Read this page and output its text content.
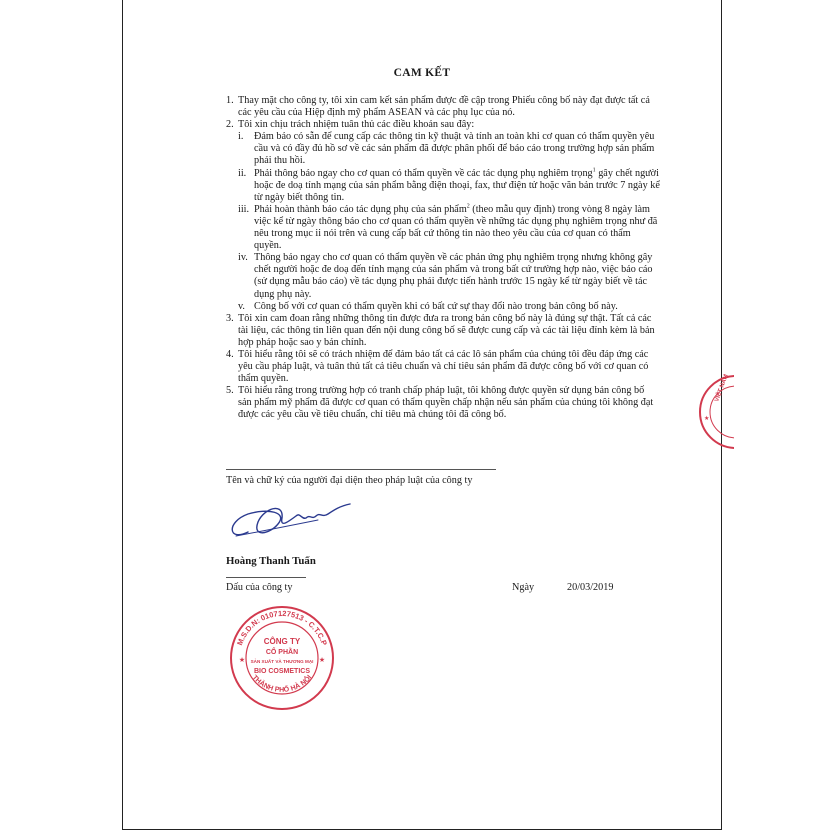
CAM KẾT

1. Thay mặt cho công ty, tôi xin cam kết sản phẩm được đề cập trong Phiếu công bố này đạt được tất cả các yêu cầu của Hiệp định mỹ phẩm ASEAN và các phụ lục của nó.

2. Tôi xin chịu trách nhiệm tuân thủ các điều khoản sau đây:

i. Đảm bảo có sẵn để cung cấp các thông tin kỹ thuật và tính an toàn khi cơ quan có thẩm quyền yêu cầu và có đầy đủ hồ sơ về các sản phẩm đã được phân phối để báo cáo trong trường hợp sản phẩm phải thu hồi.

ii. Phải thông báo ngay cho cơ quan có thẩm quyền về các tác dụng phụ nghiêm trọng$^1$ gây chết người hoặc đe doạ tính mạng của sản phẩm bằng điện thoại, fax, thư điện tử hoặc văn bản trước 7 ngày kể từ ngày biết thông tin.

iii. Phải hoàn thành báo cáo tác dụng phụ của sản phẩm$^2$ (theo mẫu quy định) trong vòng 8 ngày làm việc kể từ ngày thông báo cho cơ quan có thẩm quyền về những tác dụng phụ nghiêm trọng như đã nêu trong mục ii nói trên và cung cấp bất cứ thông tin nào theo yêu cầu của cơ quan có thẩm quyền.

iv. Thông báo ngay cho cơ quan có thẩm quyền về các phản ứng phụ nghiêm trọng nhưng không gây chết người hoặc đe doạ đến tính mạng của sản phẩm và trong bất cứ trường hợp nào, việc báo cáo (sử dụng mẫu báo cáo) về tác dụng phụ phải được tiến hành trước 15 ngày kể từ ngày biết về tác dụng phụ này.

v. Công bố với cơ quan có thẩm quyền khi có bất cứ sự thay đổi nào trong bản công bố này.

3. Tôi xin cam đoan rằng những thông tin được đưa ra trong bản công bố này là đúng sự thật. Tất cả các tài liệu, các thông tin liên quan đến nội dung công bố sẽ được cung cấp và các tài liệu đính kèm là bản hợp pháp hoặc sao y bản chính.

4. Tôi hiểu rằng tôi sẽ có trách nhiệm để đảm bảo tất cả các lô sản phẩm của chúng tôi đều đáp ứng các yêu cầu pháp luật, và tuân thủ tất cả tiêu chuẩn và chỉ tiêu sản phẩm đã được công bố với cơ quan có thẩm quyền.

5. Tôi hiểu rằng trong trường hợp có tranh chấp pháp luật, tôi không được quyền sử dụng bản công bố sản phẩm mỹ phẩm đã được cơ quan có thẩm quyền chấp nhận nếu sản phẩm của chúng tôi không đạt được các yêu cầu về tiêu chuẩn, chỉ tiêu mà chúng tôi đã công bố.

Tên và chữ ký của người đại diện theo pháp luật của công ty
Hoàng Thanh Tuấn
Dấu của công ty	Ngày	20/03/2019
M.S.D.N: 0107127513 - C.T.C.P
THÀNH PHỐ HÀ NỘI
CÔNG TY
CỔ PHẦN
SẢN XUẤT VÀ THƯƠNG MẠI
BIO COSMETICS
★	★
VIỆT NAM
★
